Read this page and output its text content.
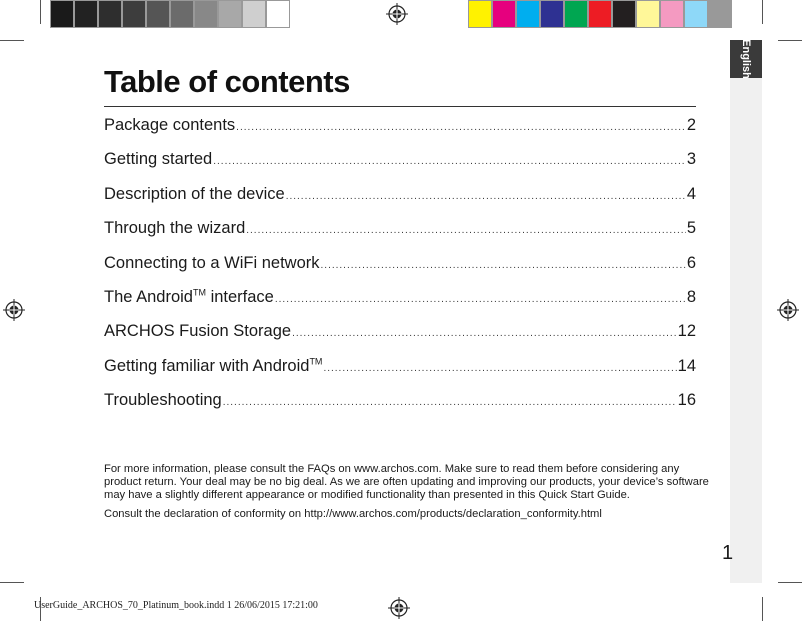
English
Table of contents
Package contents .....	2
Getting started .....	3
Description of the device .....	4
Through the wizard .....	5
Connecting to a WiFi network .....	6
The Android™ interface .....	8
ARCHOS Fusion Storage .....	12
Getting familiar with Android™ .....	14
Troubleshooting .....	16
For more information, please consult the FAQs on www.archos.com. Make sure to read them before considering any product return. Your deal may be no big deal. As we are often updating and improving our products, your device’s software may have a slightly different appearance or modified functionality than presented in this Quick Start Guide.
Consult the declaration of conformity on http://www.archos.com/products/declaration_conformity.html
1
UserGuide_ARCHOS_70_Platinum_book.indd 1 26/06/2015 17:21:00
